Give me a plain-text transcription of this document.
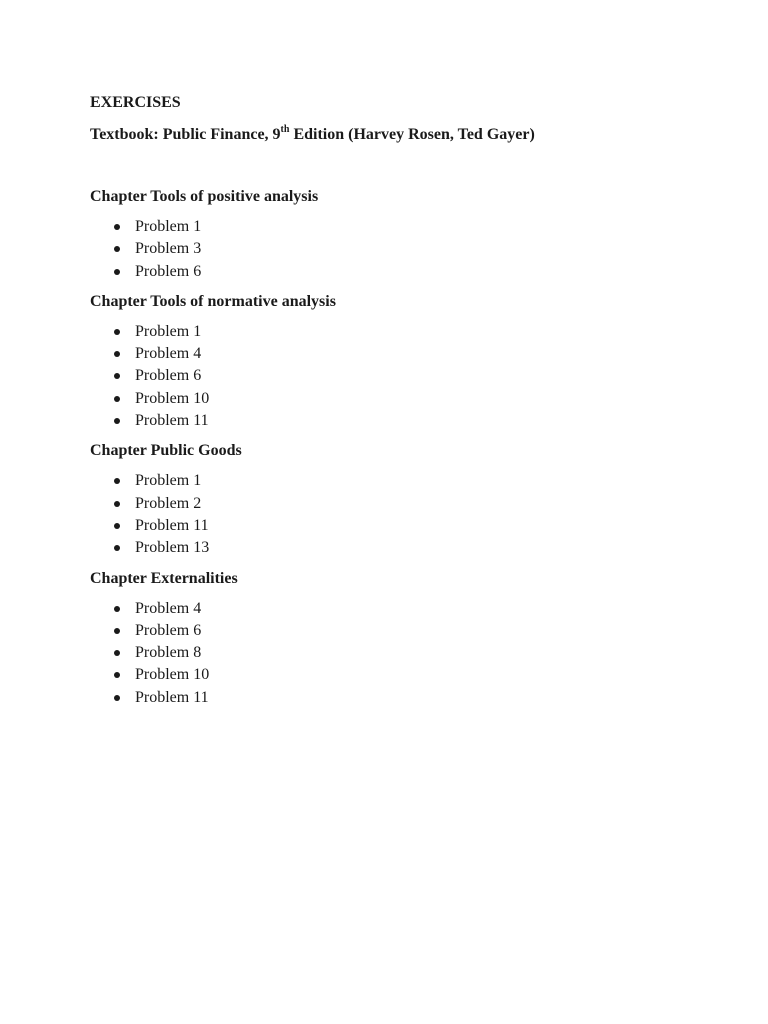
EXERCISES

Textbook: Public Finance, 9th Edition (Harvey Rosen, Ted Gayer)

Chapter Tools of positive analysis

Problem 1
Problem 3
Problem 6

Chapter Tools of normative analysis

Problem 1
Problem 4
Problem 6
Problem 10
Problem 11

Chapter Public Goods

Problem 1
Problem 2
Problem 11
Problem 13

Chapter Externalities

Problem 4
Problem 6
Problem 8
Problem 10
Problem 11
